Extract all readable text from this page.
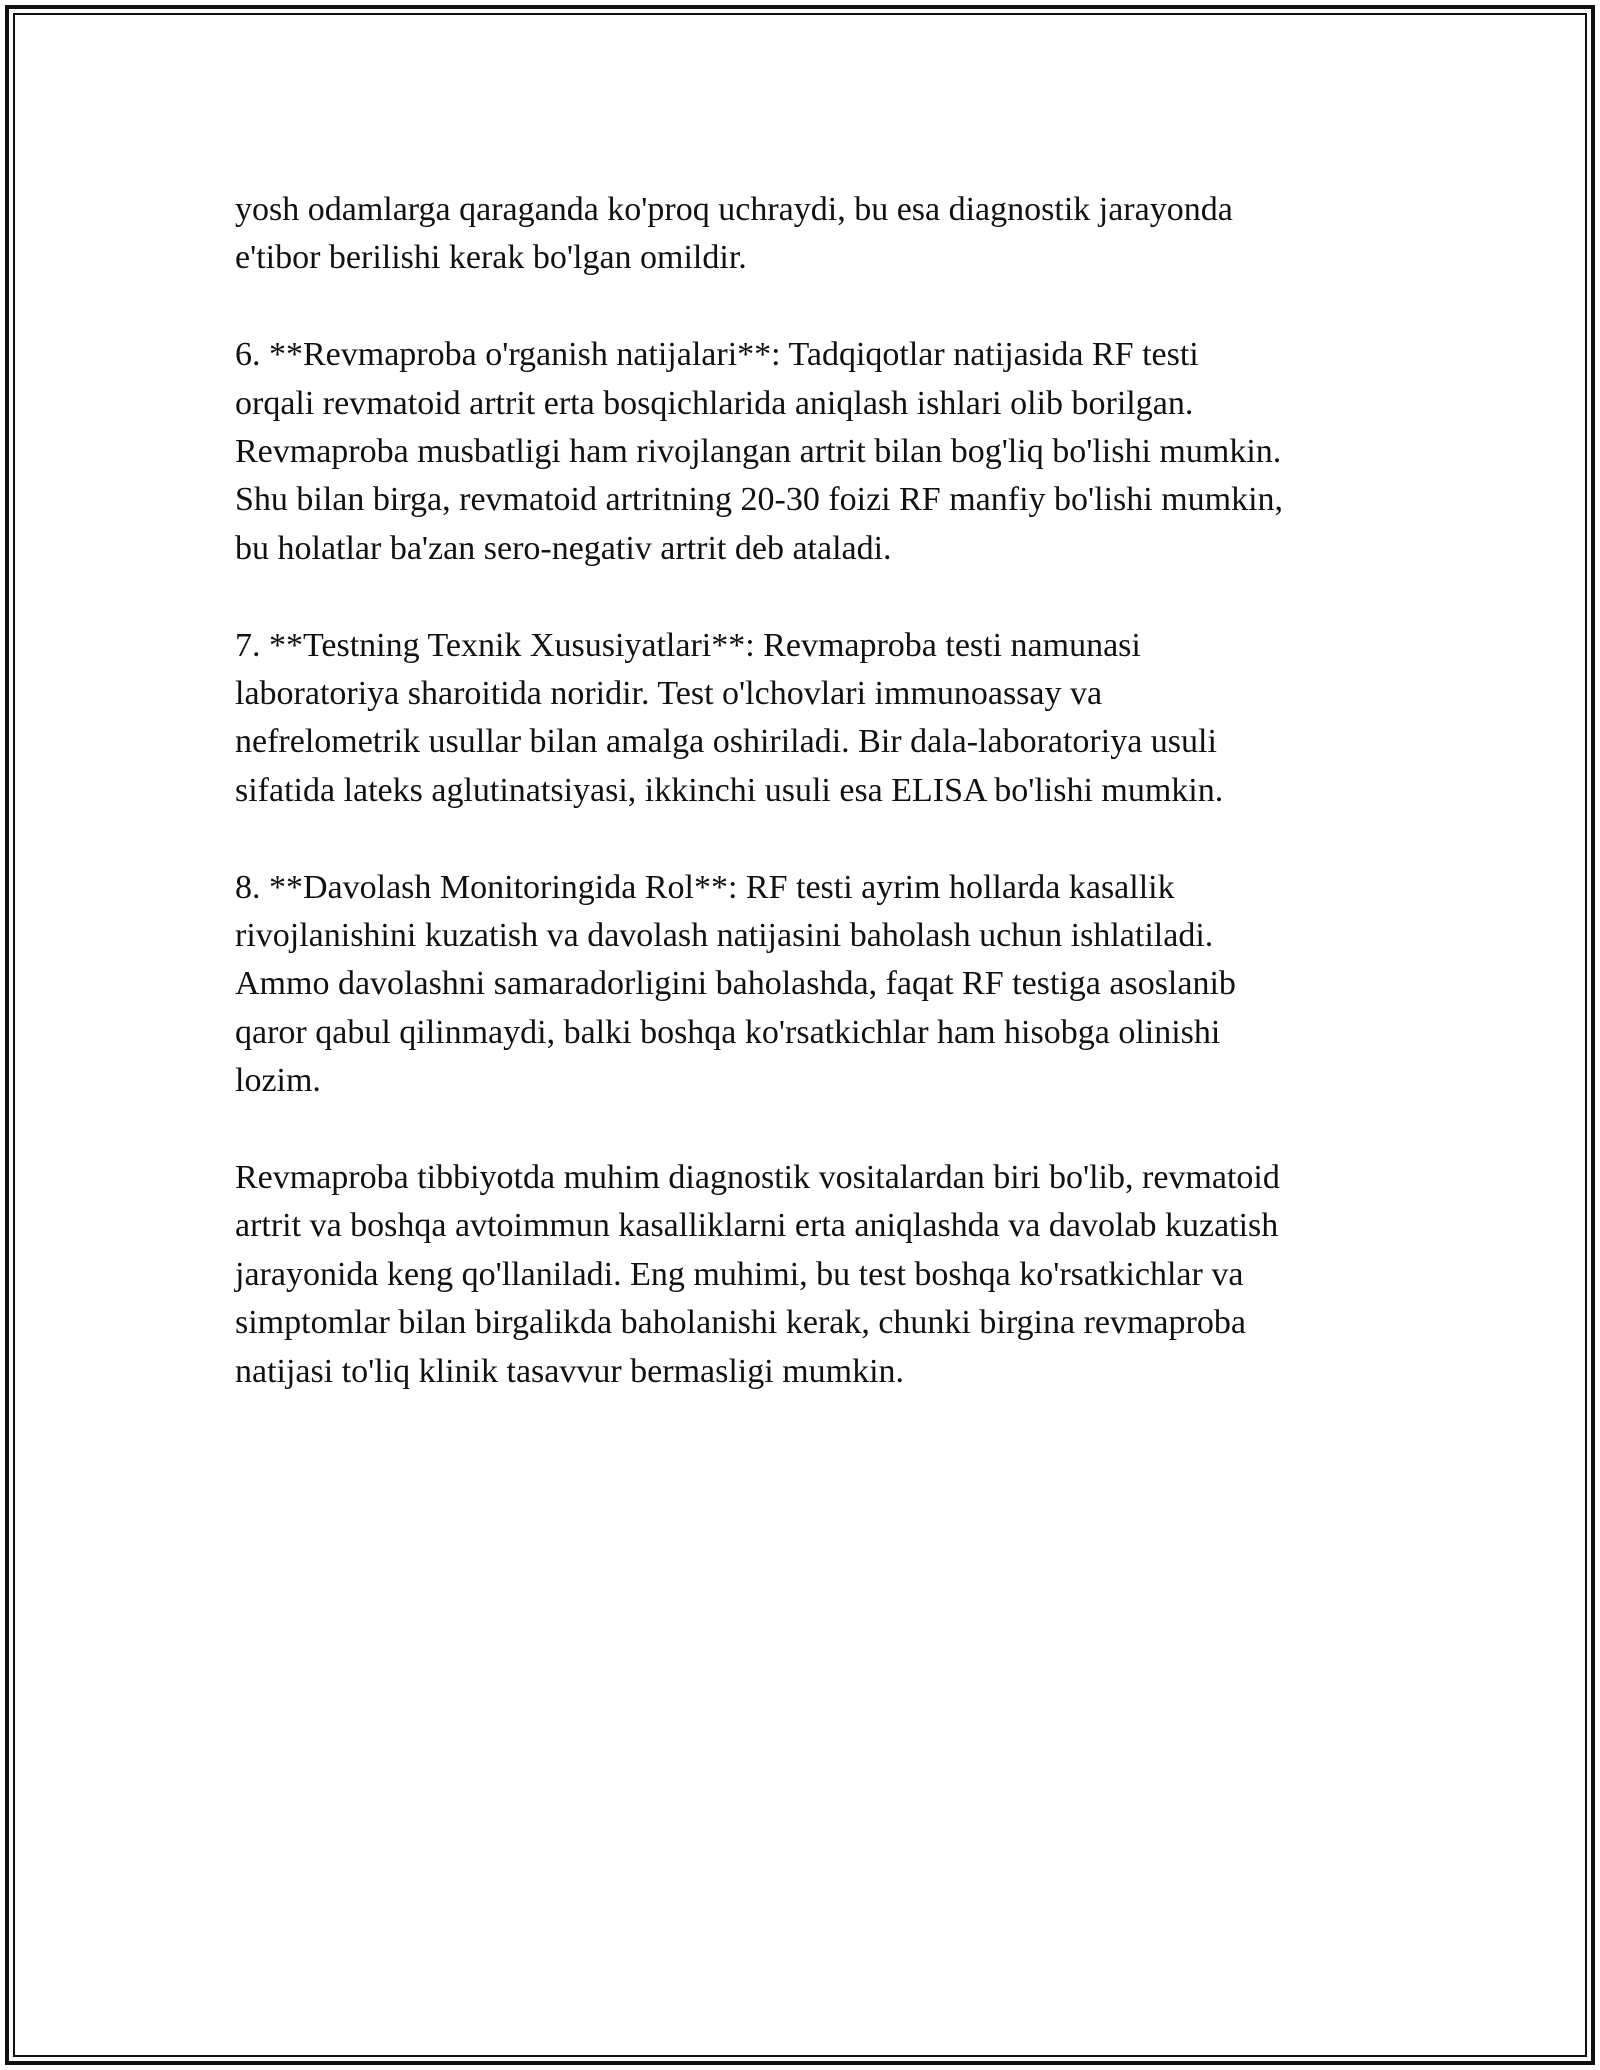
yosh odamlarga qaraganda ko'proq uchraydi, bu esa diagnostik jarayonda
e'tibor berilishi kerak bo'lgan omildir.

6. **Revmaproba o'rganish natijalari**: Tadqiqotlar natijasida RF testi
orqali revmatoid artrit erta bosqichlarida aniqlash ishlari olib borilgan.
Revmaproba musbatligi ham rivojlangan artrit bilan bog'liq bo'lishi mumkin.
Shu bilan birga, revmatoid artritning 20-30 foizi RF manfiy bo'lishi mumkin,
bu holatlar ba'zan sero-negativ artrit deb ataladi.

7. **Testning Texnik Xususiyatlari**: Revmaproba testi namunasi
laboratoriya sharoitida noridir. Test o'lchovlari immunoassay va
nefrelometrik usullar bilan amalga oshiriladi. Bir dala-laboratoriya usuli
sifatida lateks aglutinatsiyasi, ikkinchi usuli esa ELISA bo'lishi mumkin.

8. **Davolash Monitoringida Rol**: RF testi ayrim hollarda kasallik
rivojlanishini kuzatish va davolash natijasini baholash uchun ishlatiladi.
Ammo davolashni samaradorligini baholashda, faqat RF testiga asoslanib
qaror qabul qilinmaydi, balki boshqa ko'rsatkichlar ham hisobga olinishi
lozim.

Revmaproba tibbiyotda muhim diagnostik vositalardan biri bo'lib, revmatoid
artrit va boshqa avtoimmun kasalliklarni erta aniqlashda va davolab kuzatish
jarayonida keng qo'llaniladi. Eng muhimi, bu test boshqa ko'rsatkichlar va
simptomlar bilan birgalikda baholanishi kerak, chunki birgina revmaproba
natijasi to'liq klinik tasavvur bermasligi mumkin.
